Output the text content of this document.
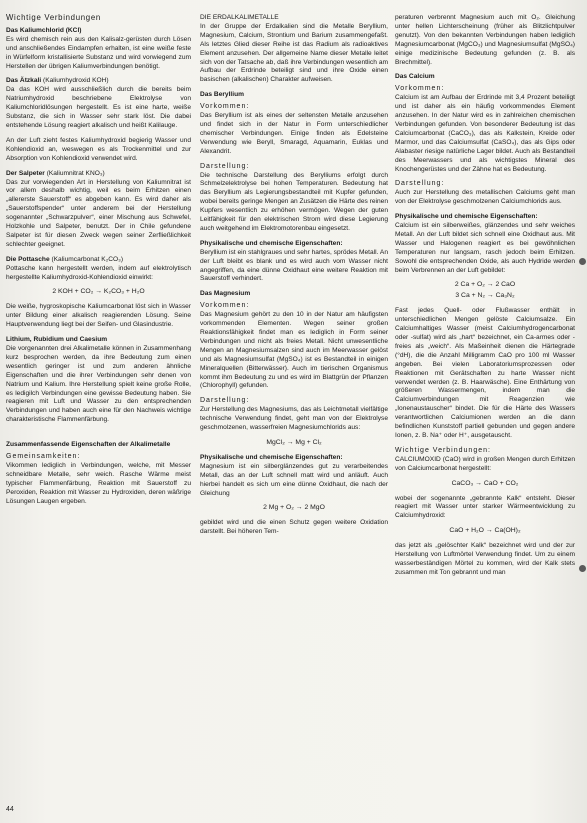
Wichtige Verbindungen
Das Kaliumchlorid (KCl)

Es wird chemisch rein aus den Kalisalz-gerüsten durch Lösen und anschließendes Eindampfen erhalten, ist eine weiße feste in Würfelform kristallisierte Substanz und wird vorwiegend zum Herstellen der übrigen Kaliumverbindungen benötigt.

Das Ätzkali (Kaliumhydroxid KOH)

Da das KOH wird ausschließlich durch die bereits beim Natriumhydroxid beschriebene Elektrolyse von Kaliumchloridlösungen hergestellt. Es ist eine harte, weiße Substanz, die sich in Wasser sehr stark löst. Die dabei entstehende Lösung reagiert alkalisch und heißt Kalilauge.

An der Luft zieht festes Kaliumhydroxid begierig Wasser und Kohlendioxid an, weswegen es als Trockenmittel und zur Absorption von Kohlendioxid verwendet wird.

Der Salpeter (Kaliumnitrat KNO₃)

Das zur vorwiegenden Art in Herstellung von Kaliumnitrat ist vor allem deshalb wichtig, weil es beim Erhitzen einen „allererste Sauerstoff“ es abgeben kann. Es wird daher als „Sauerstoffspender“ unter anderem bei der Herstellung sogenannter „Schwarzpulver“, einer Mischung aus Schwefel, Holzkohle und Salpeter, benutzt. Der in Chile gefundene Salpeter ist für diesen Zweck wegen seiner Zerfließlichkeit schlechter geeignet.

Die Pottasche (Kaliumcarbonat K₂CO₃)

Pottasche kann hergestellt werden, indem auf elektrolytisch hergestellte Kaliumhydroxid-Kohlendioxid einwirkt:

2 KOH + CO₂ → K₂CO₃ + H₂O

Die weiße, hygroskopische Kaliumcarbonat löst sich in Wasser unter Bildung einer alkalisch reagierenden Lösung. Seine Hauptverwendung liegt bei der Seifen- und Glasindustrie.

Lithium, Rubidium und Caesium

Die vorgenannten drei Alkalimetalle können in Zusammenhang kurz besprochen werden, da ihre Bedeutung zum einen wesentlich geringer ist und zum anderen ähnliche Eigenschaften und die ihrer Verbindungen sehr denen von Natrium und Kalium. Ihre Herstellung spielt keine große Rolle, es ledigilch Verbindungen eine gewisse Bedeutung haben. Sie reagieren mit Luft und Wasser zu den entsprechenden Verbindungen und haben auch eine für den Nachweis wichtige charakteristische Flammenfärbung.

Zusammenfassende Eigenschaften der Alkalimetalle
Gemeinsamkeiten:

Vikommen lediglich in Verbindungen, welche, mit Messer schneidbare Metalle, sehr weich. Rasche Wärme meist typischer Flammenfärbung, Reaktion mit Sauerstoff zu Peroxiden, Reaktion mit Wasser zu Hydroxiden, deren wäßrige Lösungen Laugen ergeben.

DIE ERDALKALIMETALLE

In der Gruppe der Erdalkalien sind die Metalle Beryllium, Magnesium, Calcium, Strontium und Barium zusammengefaßt. Als letztes Glied dieser Reihe ist das Radium als radioaktives Element anzusehen. Der allgemeine Name dieser Metalle leitet sich von der Tatsache ab, daß ihre Verbindungen wesentlich am Aufbau der Erdrinde beteiligt sind und ihre Oxide einen basischen (alkalischen) Charakter aufweisen.

Das Beryllium
Vorkommen:

Das Beryllium ist als eines der seltensten Metalle anzusehen und findet sich in der Natur in Form unterschiedlicher chemischer Verbindungen. Einige finden als Edelsteine Verwendung wie Beryll, Smaragd, Aquamarin, Euklas und Alexandrit.

Darstellung:

Die technische Darstellung des Berylliums erfolgt durch Schmelzelektrolyse bei hohen Temperaturen. Bedeutung hat das Beryllium als Legierungsbestandteil mit Kupfer gefunden, wobei bereits geringe Mengen an Zusätzen die Härte des reinen Kupfers wesentlich zu erhöhen vermögen. Wegen der guten Leitfähigkeit für den elektrischen Strom wird diese Legierung auch weitgehend im Elektromotorenbau eingesetzt.

Physikalische und chemische Eigenschaften:

Beryllium ist ein stahlgraues und sehr hartes, sprödes Metall. An der Luft bleibt es blank und es wird auch vom Wasser nicht angegriffen, da eine dünne Oxidhaut eine weitere Reaktion mit Sauerstoff verhindert.

Das Magnesium
Vorkommen:

Das Magnesium gehört zu den 10 in der Natur am häufigsten vorkommenden Elementen. Wegen seiner großen Reaktionsfähigkeit findet man es lediglich in Form seiner Verbindungen und nicht als freies Metall. Nicht unwesentliche Mengen an Magnesiumsalzen sind auch im Meerwasser gelöst und als Magnesiumsulfat (MgSO₄) ist es Bestandteil in einigen Mineralquellen (Bitterwässer). Auch im tierischen Organismus kommt ihm Bedeutung zu und es wird im Blattgrün der Pflanzen (Chlorophyll) gefunden.

Darstellung:

Zur Herstellung des Magnesiums, das als Leichtmetall vielfältige technische Verwendung findet, geht man von der Elektrolyse geschmolzenen, wasserfreien Magnesiumchlorids aus:

MgCl₂ → Mg + Cl₂
Physikalische und chemische Eigenschaften:

Magnesium ist ein silberglänzendes gut zu verarbeitendes Metall, das an der Luft schnell matt wird und anläuft. Auch hierbei handelt es sich um eine dünne Oxidhaut, die nach der Gleichung

2 Mg + O₂ → 2 MgO

gebildet wird und die einen Schutz gegen weitere Oxidation darstellt. Bei höheren Tem-

peraturen verbrennt Magnesium auch mit O₂. Gleichung unter hellen Lichterscheinung (früher als Blitzlichtpulver genutzt). Von den bekannten Verbindungen haben lediglich Magnesiumcarbonat (MgCO₃) und Magnesiumsulfat (MgSO₄) einige medizinische Bedeutung gefunden (z. B. als Brechmittel).

Das Calcium
Vorkommen:

Calcium ist am Aufbau der Erdrinde mit 3,4 Prozent beteiligt und ist daher als ein häufig vorkommendes Element anzusehen. In der Natur wird es in zahlreichen chemischen Verbindungen gefunden. Von besonderer Bedeutung ist das Calciumcarbonat (CaCO₃), das als Kalkstein, Kreide oder Marmor, und das Calciumsulfat (CaSO₄), das als Gips oder Alabaster riesige natürliche Lager bildet. Auch als Bestandteil des Meerwassers und als wichtigstes Mineral des Knochengerüstes und der Zähne hat es Bedeutung.

Darstellung:

Auch zur Herstellung des metallischen Calciums geht man von der Elektrolyse geschmolzenen Calciumchlorids aus.

Physikalische und chemische Eigenschaften:

Calcium ist ein silberweißes, glänzendes und sehr weiches Metall. An der Luft bildet sich schnell eine Oxidhaut aus. Mit Wasser und Halogenen reagiert es bei gewöhnlichen Temperaturen nur langsam, rasch jedoch beim Erhitzen. Sowohl die entsprechenden Oxide, als auch Hydride werden beim Verbrennen an der Luft gebildet:

2 Ca + O₂ → 2 CaO
3 Ca + N₂ → Ca₃N₂

Fast jedes Quell- oder Flußwasser enthält in unterschiedlichen Mengen gelöste Calciumsalze. Ein Calciumhaltiges Wasser (meist Calciumhydrogencarbonat oder -sulfat) wird als „hart“ bezeichnet, ein Ca-armes oder -freies als „weich“. Als Maßeinheit dienen die Härtegrade (°dH), die die Anzahl Milligramm CaO pro 100 ml Wasser angeben. Bei vielen Laboratoriumsprozessen oder Reaktionen mit Gerätschaften zu harte Wasser nicht verwendet werden (z. B. Haarwäsche). Eine Enthärtung von größeren Wassermengen, indem man die Calciumverbindungen mit Reagenzien wie „Ionenaustauscher“ bindet. Die für die Härte des Wassers verantwortlichen Calciumionen werden an die dann befindlichen Kunststoff partiell gebunden und gegen andere Ionen, z. B. Na⁺ oder H⁺, ausgetauscht.

Wichtige Verbindungen:

CALCIUMOXID (CaO) wird in großen Mengen durch Erhitzen von Calciumcarbonat hergestellt:

CaCO₃ → CaO + CO₂

wobei der sogenannte „gebrannte Kalk“ entsteht. Dieser reagiert mit Wasser unter starker Wärmeentwicklung zu Calciumhydroxid:

CaO + H₂O → Ca(OH)₂

das jetzt als „gelöschter Kalk“ bezeichnet wird und der zur Herstellung von Luftmörtel Verwendung findet. Um zu einem wasserbeständigen Mörtel zu kommen, wird der Kalk stets zusammen mit Ton gebrannt und man

44
